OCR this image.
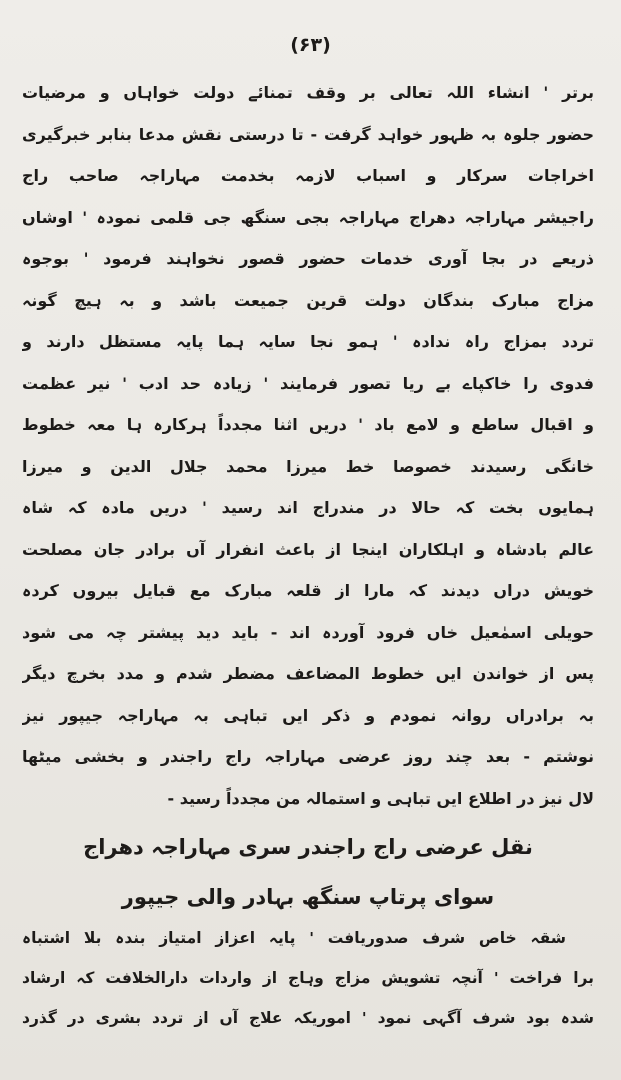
(۶۳)
برتر ' انشاء اللہ تعالی بر وقف تمنائے دولت خواہاں و مرضیات
حضور جلوہ بہ ظہور خواہد گرفت - تا درستی نقش مدعا بنابر خبرگیری
اخراجات سرکار و اسباب لازمہ بخدمت مہاراجہ صاحب راج
راجیشر مہاراجہ دھراج مہاراجہ بجی سنگھ جی قلمی نمودہ ' اوشاں
ذریعے در بجا آوری خدمات حضور قصور نخواہند فرمود ' بوجوہ
مزاج مبارک بندگان دولت قرین جمیعت باشد و بہ ہیچ گونہ
تردد بمزاج راہ ندادہ ' ہمو نجا سایہ ہما پایہ مستظل دارند و
فدوی را خاکپاے بے ریا تصور فرمایند ' زیادہ حد ادب ' نیر عظمت
و اقبال ساطع و لامع باد ' دریں اثنا مجدداً ہرکارہ ہا معہ خطوط
خانگی رسیدند خصوصا خط میرزا محمد جلال الدین و میرزا
ہمایوں بخت کہ حالا در مندراج اند رسید ' دریں مادہ کہ شاہ
عالم بادشاہ و اہلکاران اینجا از باعث انفرار آں برادر جان مصلحت
خویش دراں دیدند کہ مارا از قلعہ مبارک مع قبایل بیروں کردہ
حویلی اسمٰعیل خاں فرود آوردہ اند - باید دید پیشتر چہ می شود
پس از خواندن ایں خطوط المضاعف مضطر شدم و مدد بخرچ دیگر
بہ برادراں روانہ نمودم و ذکر ایں تباہی بہ مہاراجہ جیپور نیز
نوشتم - بعد چند روز عرضی مہاراجہ راج راجندر و بخشی میٹھا
لال نیز در اطلاع ایں تباہی و استمالہ من مجدداً رسید -
نقل عرضی راج راجندر سری مہاراجہ دھراج
سوای پرتاپ سنگھ بہادر والی جیپور
شقہ خاص شرف صدوریافت ' پایہ اعزاز امتیاز بندہ بلا اشتباہ
برا فراخت ' آنچہ تشویش مزاج وہاج از واردات دارالخلافت کہ ارشاد
شدہ بود شرف آگہی نمود ' اموریکہ علاج آں از تردد بشری در گذرد
